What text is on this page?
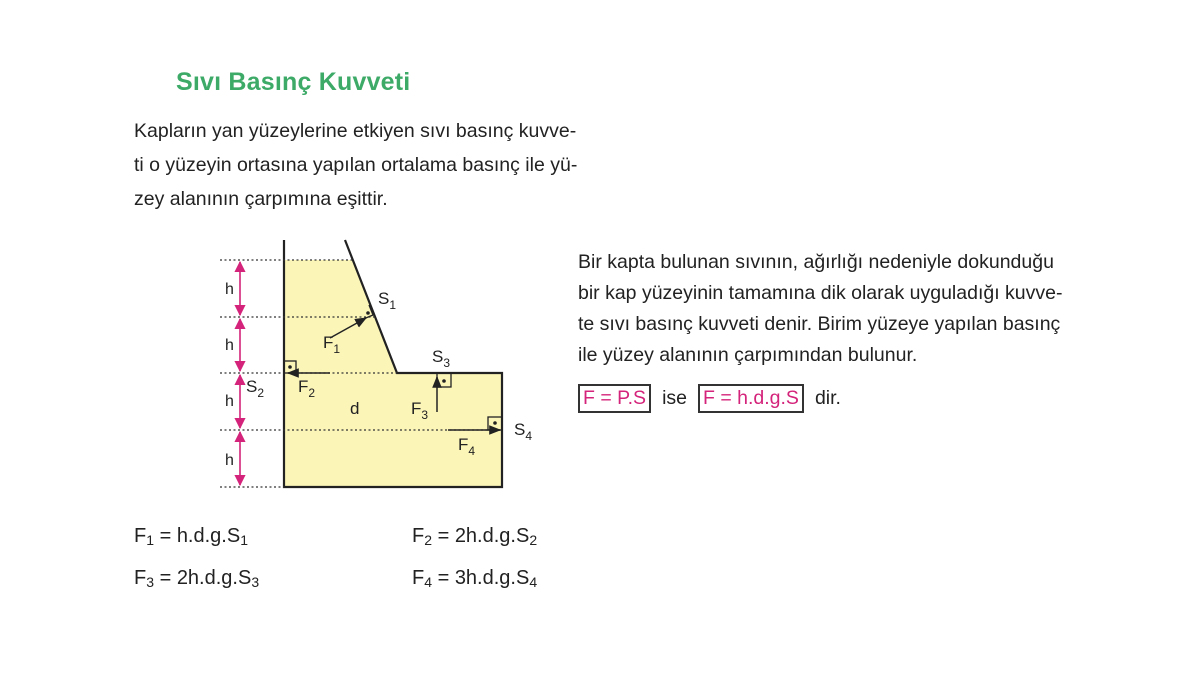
Sıvı Basınç Kuvveti
Kapların yan yüzeylerine etkiyen sıvı basınç kuvve-
ti o yüzeyin ortasına yapılan ortalama basınç ile yü-
zey alanının çarpımına eşittir.
h
h
h
h
$S_1$
$F_1$	$S_3$
$S_2$ $F_2$
d	$F_3$
$S_4$
$F_4$
Bir kapta bulunan sıvının, ağırlığı nedeniyle dokunduğu
bir kap yüzeyinin tamamına dik olarak uyguladığı kuvve-
te sıvı basınç kuvveti denir. Birim yüzeye yapılan basınç
ile yüzey alanının çarpımından bulunur.
F = P.S ise F = h.d.g.S dir.
$F_1 = h.d.g.S_1$	$F_2 = 2h.d.g.S_2$
$F_3 = 2h.d.g.S_3$	$F_4 = 3h.d.g.S_4$
